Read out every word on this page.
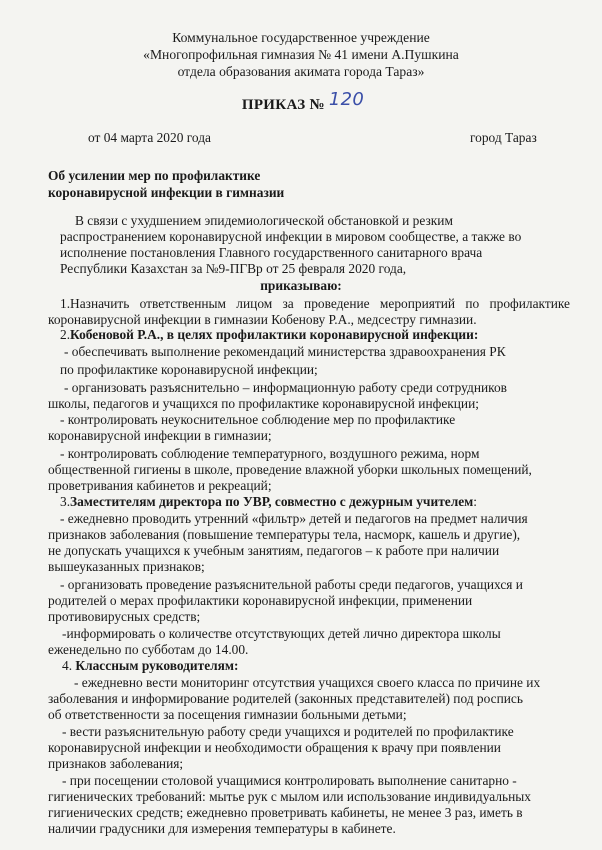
Коммунальное государственное учреждение
«Многопрофильная гимназия № 41 имени А.Пушкина
отдела образования акимата города Тараз»
ПРИКАЗ № 120
от 04 марта 2020 года	город Тараз
Об усилении мер по профилактике
коронавирусной инфекции в гимназии
В связи с ухудшением эпидемиологической обстановкой и резким
распространением коронавирусной инфекции в мировом сообществе, а также во
исполнение постановления Главного государственного санитарного врача
Республики Казахстан за №9-ПГВр от 25 февраля 2020 года,
приказываю:
1.Назначить ответственным лицом за проведение мероприятий по профилактике
коронавирусной инфекции в гимназии Кобенову Р.А., медсестру гимназии.
2.Кобеновой Р.А., в целях профилактики коронавирусной инфекции:
- обеспечивать выполнение рекомендаций министерства здравоохранения РК
по профилактике коронавирусной инфекции;
- организовать разъяснительно – информационную работу среди сотрудников
школы, педагогов и учащихся по профилактике коронавирусной инфекции;
- контролировать неукоснительное соблюдение мер по профилактике
коронавирусной инфекции в гимназии;
- контролировать соблюдение температурного, воздушного режима, норм
общественной гигиены в школе, проведение влажной уборки школьных помещений,
проветривания кабинетов и рекреаций;
3.Заместителям директора по УВР, совместно с дежурным учителем:
- ежедневно проводить утренний «фильтр» детей и педагогов на предмет наличия
признаков заболевания (повышение температуры тела, насморк, кашель и другие),
не допускать учащихся к учебным занятиям, педагогов – к работе при наличии
вышеуказанных признаков;
- организовать проведение разъяснительной работы среди педагогов, учащихся и
родителей о мерах профилактики коронавирусной инфекции, применении
противовирусных средств;
-информировать о количестве отсутствующих детей лично директора школы
еженедельно по субботам до 14.00.
4. Классным руководителям:
- ежедневно вести мониторинг отсутствия учащихся своего класса по причине их
заболевания и информирование родителей (законных представителей) под роспись
об ответственности за посещения гимназии больными детьми;
- вести разъяснительную работу среди учащихся и родителей по профилактике
коронавирусной инфекции и необходимости обращения к врачу при появлении
признаков заболевания;
- при посещении столовой учащимися контролировать выполнение санитарно -
гигиенических требований: мытье рук с мылом или использование индивидуальных
гигиенических средств; ежедневно проветривать кабинеты, не менее 3 раз, иметь в
наличии градусники для измерения температуры в кабинете.
